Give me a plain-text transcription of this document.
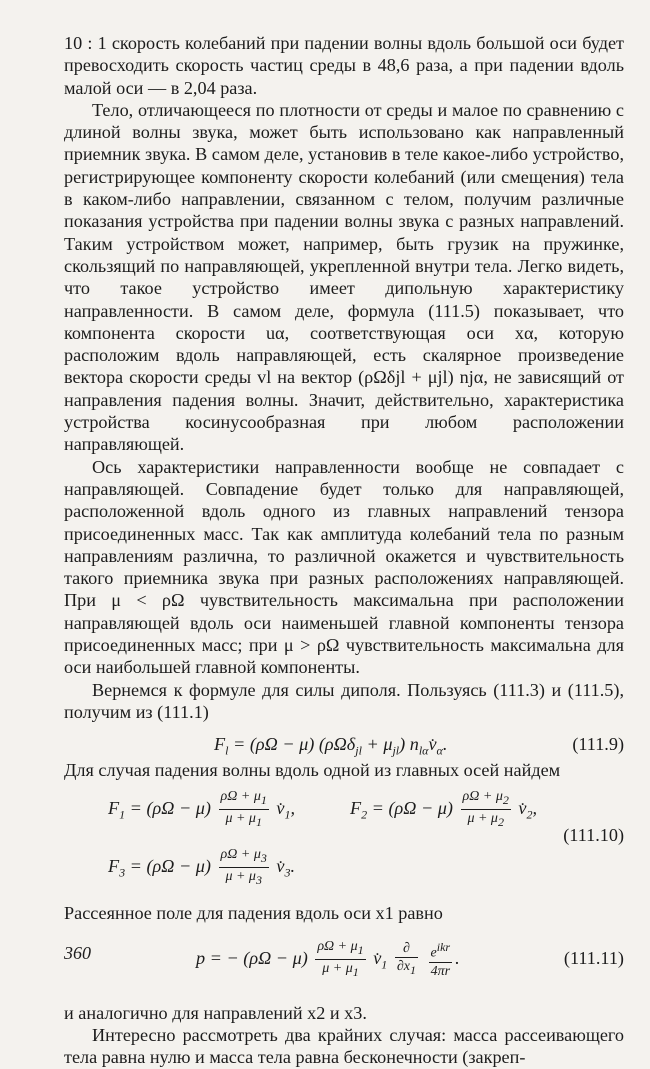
10 : 1 скорость колебаний при падении волны вдоль большой оси будет превосходить скорость частиц среды в 48,6 раза, а при падении вдоль малой оси — в 2,04 раза.

Тело, отличающееся по плотности от среды и малое по сравнению с длиной волны звука, может быть использовано как направленный приемник звука. В самом деле, установив в теле какое-либо устройство, регистрирующее компоненту скорости колебаний (или смещения) тела в каком-либо направлении, связанном с телом, получим различные показания устройства при падении волны звука с разных направлений. Таким устройством может, например, быть грузик на пружинке, скользящий по направляющей, укрепленной внутри тела. Легко видеть, что такое устройство имеет дипольную характеристику направленности. В самом деле, формула (111.5) показывает, что компонента скорости uα, соответствующая оси xα, которую расположим вдоль направляющей, есть скалярное произведение вектора скорости среды vl на вектор (ρΩδjl + μjl) njα, не зависящий от направления падения волны. Значит, действительно, характеристика устройства косинусообразная при любом расположении направляющей.

Ось характеристики направленности вообще не совпадает с направляющей. Совпадение будет только для направляющей, расположенной вдоль одного из главных направлений тензора присоединенных масс. Так как амплитуда колебаний тела по разным направлениям различна, то различной окажется и чувствительность такого приемника звука при разных расположениях направляющей. При μ < ρΩ чувствительность максимальна при расположении направляющей вдоль оси наименьшей главной компоненты тензора присоединенных масс; при μ > ρΩ чувствительность максимальна для оси наибольшей главной компоненты.

Вернемся к формуле для силы диполя. Пользуясь (111.3) и (111.5), получим из (111.1)

$F_l = (\rho\Omega - \mu) (\rho\Omega\delta_{jl} + \mu_{jl})$ $n_{l\alpha}v̇_\alpha$.	(111.9)

Для случая падения волны вдоль одной из главных осей найдем

$F_1 = (\rho\Omega - \mu) \frac{\rho\Omega + \mu_1}{\mu + \mu_1}$ $v̇_1$,	$F_2 = (\rho\Omega - \mu) \frac{\rho\Omega + \mu_2}{\mu + \mu_2}$ $v̇_2$,
(111.10)
$F_3 = (\rho\Omega - \mu) \frac{\rho\Omega + \mu_3}{\mu + \mu_3}$ $v̇_3$.

Рассеянное поле для падения вдоль оси x1 равно

p = − $(\rho\Omega - \mu) \frac{\rho\Omega + \mu_1}{\mu + \mu_1}$ $v̇_1 \frac{\partial}{\partial x_1}$
$\frac{e^{ikr}}{4\pi r}$ .	(111.11)

и аналогично для направлений x2 и x3.

Интересно рассмотреть два крайних случая: масса рассеивающего тела равна нулю и масса тела равна бесконечности (закреп-

360
